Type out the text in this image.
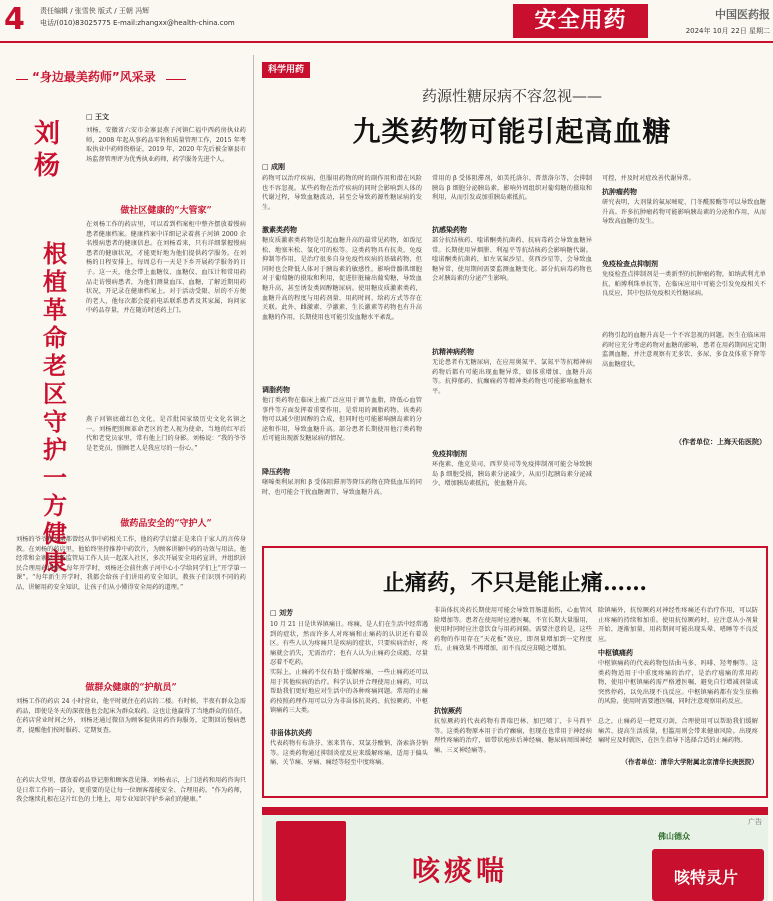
4 责任编辑 / 张雪侠 版式 / 王朝 冯辉
电话/(010)83025775 E-mail:zhangxx@health-china.com	安全用药	中国医药报
2024年 10月 22日 星期二
“身边最美药师”风采录
□ 王文
刘杨，安徽省六安市金寨县燕子河镇仁福中西药房执业药师，2008 年起从事药品零售和质量管理工作，2015 年考取执业中药师资格证，2019 年、2020 年先后被金寨县市场监督管理评为优秀执业药师，药学服务先进个人。
刘杨
根植革命老区 守护一方健康
做社区健康的“大管家”
在刘杨工作的药店里，可以看到档案柜中整齐摆放着慢病患者健康档案。健康档案中详细记录着燕子河镇 2000 余名慢病患者的健康信息。在刘杨看来，只有详细掌握慢病患者的健康状况，才能更好地为他们提供药学服务。在刘杨的日程安排上，每周总有一天是下乡开展药学服务的日子。这一天，他会带上血糖仪、血糖仪、血压计和常用药品走访慢病患者，为他们测量血压、血糖，了解近期用药状况，开记录在健康档案上。对于活动受限、居的不方便的老人，他每次都会提前电话联系患者及其家属，询问家中药品存量，并在随访时送药上门。
燕子河镇底蕴红色文化，是首批国家级历史文化名镇之一。刘杨把照顾革命老区的老人视为使命，当地的红军后代和老党员家里，常有他上门的身影。刘杨说：“我的爷爷是老党员，照顾老人是我应尽的一份心。”
做药品安全的“守护人”
刘杨的爷爷和父亲都曾经从事中药相关工作，他的药学启蒙正是来自于家人的言传身教。在刘杨的药店里，他始终坚持推荐中药饮片，为顾客讲解中药的功效与用法。他经常和金寨县市场监管局工作人员一起深入社区，多次开展安全用药宣讲，并组织居民合理用药讲座。每年开学时，刘杨还会前往燕子河中心小学给同学们上“开学第一课”。“每年新生开学时，我都会给孩子们讲用药安全知识，教孩子们识别不同的药品，讲解用药安全知识，让孩子们从小懂得安全用药的道理。”
做群众健康的“护航员”
刘杨工作的药店 24 小时营业，他平时就住在药店的二楼。有时候，半夜有群众急需药品，即使是冬天的深夜他也会起床为群众取药。这也让他赢得了当地群众的信任。在药店营业时间之外，刘杨还通过微信为顾客提供用药咨询服务，定期回访慢病患者，提醒他们按时服药、定期复查。
在药店大堂里，摆放着药品登记册和顾客意见簿。刘杨表示，上门送药和用药咨询只是日常工作的一部分，更重要的是让每一位顾客都能安全、合理用药。“作为药师，我会继续扎根在这片红色的土地上，用专业知识守护乡亲们的健康。”
科学用药
药源性糖尿病不容忽视——
九类药物可能引起高血糖
□ 成刚
药物可以治疗疾病，但服用药物的时的副作用和潜在风险也不容忽视。某些药物在治疗疾病的同时会影响到人体的代谢过程，导致血糖波动，甚至会导致药源性糖尿病的发生。
激素类药物
糖皮质激素类药物是引起血糖升高的最常见药物，如泼尼松、地塞米松、氢化可的松等。这类药物具有抗炎、免疫抑制等作用，是治疗很多自身免疫性疾病的基础药物，但同时也会降低人体对于胰岛素的敏感性，影响骨骼肌细胞对于葡萄糖的摄取和利用，促进肝脏输出葡萄糖，导致血糖升高，甚至诱发类固醇糖尿病。使用糖皮质激素类药，血糖升高的程度与用药剂量、用药时间、给药方式等存在关联。此外，雌激素、孕激素、生长激素等药物也有升高血糖的作用，长期使用也可能引发血糖水平紊乱。
调脂药物
他汀类药物在临床上被广泛应用于调节血脂，降低心血管事件等方面发挥着重要作用，是常用的调脂药物。该类药物可以减少胆固醇的合成，但同时也可能影响胰岛素的分泌和作用，导致血糖升高。部分患者长期使用他汀类药物后可能出现新发糖尿病的情况。
降压药物
噻嗪类利尿剂和 β 受体阻滞剂等降压药物在降低血压的同时，也可能会干扰血糖调节，导致血糖升高。
常用的 β 受体阻滞剂，如美托洛尔、普萘洛尔等，会抑制胰岛 β 细胞分泌胰岛素，影响外周组织对葡萄糖的摄取和利用，从而引发或加重胰岛素抵抗。
抗感染药物
部分抗结核药、喹诺酮类抗菌药、抗病毒药会导致血糖异常。长期使用异烟肼、利福平等抗结核药会影响糖代谢。喹诺酮类抗菌药，如左氧氟沙星、莫西沙星等，会导致血糖异常，使用期间需要监测血糖变化。部分抗病毒药物也会对胰岛素的分泌产生影响。
抗精神病药物
无论患者有无糖尿病，在应用奥氮平、氯氮平等抗精神病药物后都有可能出现血糖异常，如体重增加、血糖升高等。抗抑郁药、抗癫痫药等精神类药物也可能影响血糖水平。
免疫抑制剂
环孢素、他克莫司、西罗莫司等免疫抑制剂可能会导致胰岛 β 细胞受损，胰岛素分泌减少，从而引起胰岛素分泌减少，增加胰岛素抵抗，使血糖升高。
可控，并及时对症改善代谢异常。
抗肿瘤药物
研究表明，大剂量的氟尿嘧啶、门冬酰胺酶等可以导致血糖升高。许多抗肿瘤药物可能影响胰岛素的分泌和作用，从而导致高血糖的发生。
免疫检查点抑制剂
免疫检查点抑制剂是一类新型的抗肿瘤药物，如纳武利尤单抗、帕博利珠单抗等，在临床应用中可能会引发免疫相关不良反应，其中包括免疫相关性糖尿病。
药物引起的血糖升高是一个不容忽视的问题。医生在临床用药时应充分考虑药物对血糖的影响，患者在用药期间应定期监测血糖，并注意观察有无多饮、多尿、多食及体重下降等高血糖症状。
（作者单位：上海天佑医院）
止痛药，不只是能止痛……
□ 刘芳
10 月 21 日是世界镇痛日。疼痛，是人们在生活中经常遇到的症状，然而许多人对疼痛和止痛药的认识还有着误区。有些人认为疼痛只是疾病的症状，只要疾病治好，疼痛就会消失，无需治疗；也有人认为止痛药会成瘾，尽量忍着不吃药。
实际上，止痛药不仅有助于缓解疼痛，一些止痛药还可以用于其他疾病的治疗。科学认识并合理使用止痛药，可以帮助我们更好地应对生活中的各种疼痛问题。常用的止痛药按照药理作用可以分为非甾体抗炎药、抗惊厥药、中枢镇痛药三大类。
非甾体抗炎药
代表药物有布洛芬、塞来昔布、双氯芬酸钠、洛索洛芬钠等。这类药物通过抑制炎症反应来缓解疼痛，适用于偏头痛、关节痛、牙痛、痛经等轻至中度疼痛。
非甾体抗炎药长期使用可能会导致胃肠道损伤，心血管风险增加等。患者在使用时应遵医嘱，不宜长期大量服用，使用时同时应注意饮食与用药间隔。需要注意的是，这些药物的作用存在“天花板”效应，即剂量增加到一定程度后，止痛效果不再增加，而不良反应却随之增加。
抗惊厥药
抗惊厥药的代表药物有普瑞巴林、加巴喷丁、卡马西平等。这类药物原本用于治疗癫痫，但现在也常用于神经病理性疼痛的治疗，如带状疱疹后神经痛、糖尿病周围神经痛、三叉神经痛等。
除镇痛外，抗惊厥药对神经性疼痛还有治疗作用，可以防止疼痛的持续和加重。使用抗惊厥药时，应注意从小剂量开始，逐渐加量，用药期间可能出现头晕、嗜睡等不良反应。
中枢镇痛药
中枢镇痛药的代表药物包括曲马多、吗啡、羟考酮等。这类药物适用于中重度疼痛的治疗，是治疗癌痛的常用药物，使用中枢镇痛药需严格遵医嘱，避免自行增减剂量或突然停药，以免出现不良反应。中枢镇痛药都有发生依赖的风险，使用时需要遵医嘱，同时注意观察用药反应。
总之，止痛药是一把双刃剑，合理使用可以帮助我们缓解痛苦、提高生活质量，但滥用则会带来健康风险。出现疼痛时应及时就医，在医生指导下选择合适的止痛药物。
（作者单位：清华大学附属北京清华长庚医院）
广告
咳痰喘	咳特灵片
佛山德众
